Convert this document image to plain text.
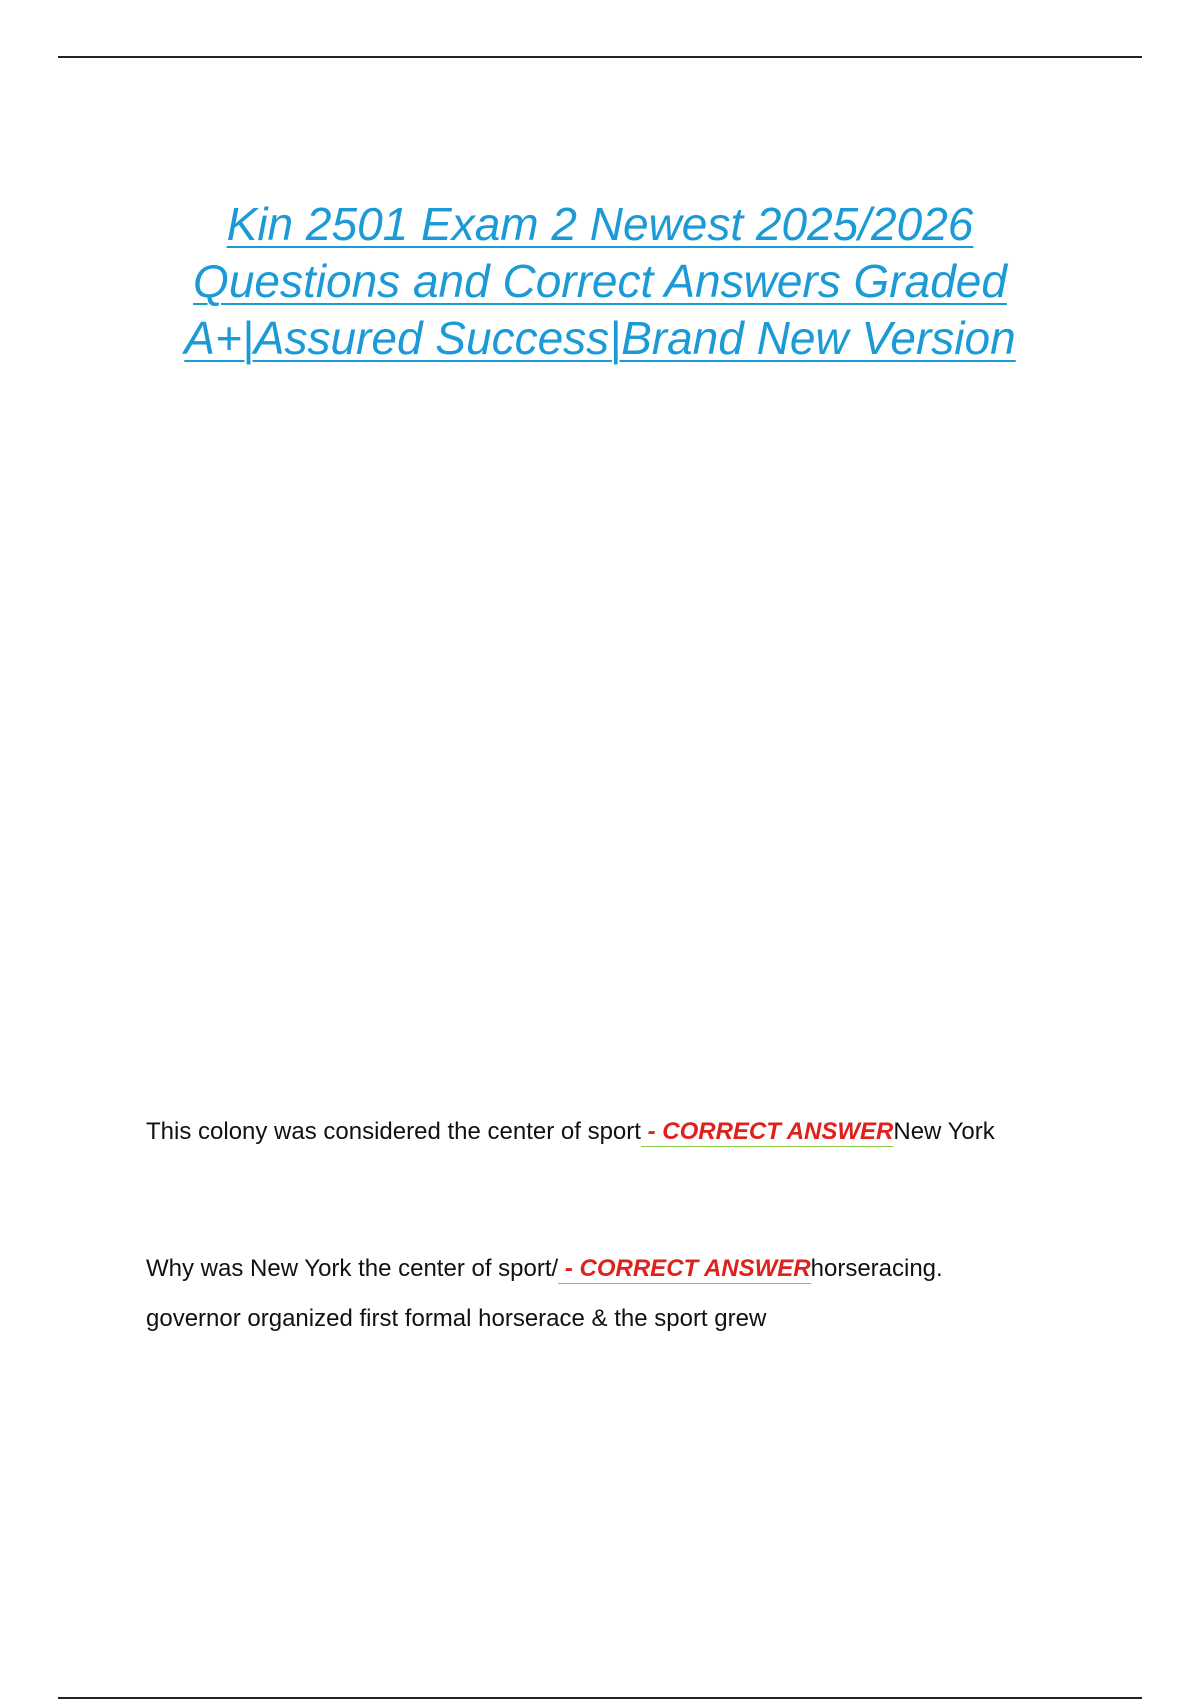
Kin 2501 Exam 2 Newest 2025/2026
Questions and Correct Answers Graded
A+|Assured Success|Brand New Version
This colony was considered the center of sport - CORRECT ANSWERNew York
Why was New York the center of sport/ - CORRECT ANSWERhorseracing.
governor organized first formal horserace & the sport grew
